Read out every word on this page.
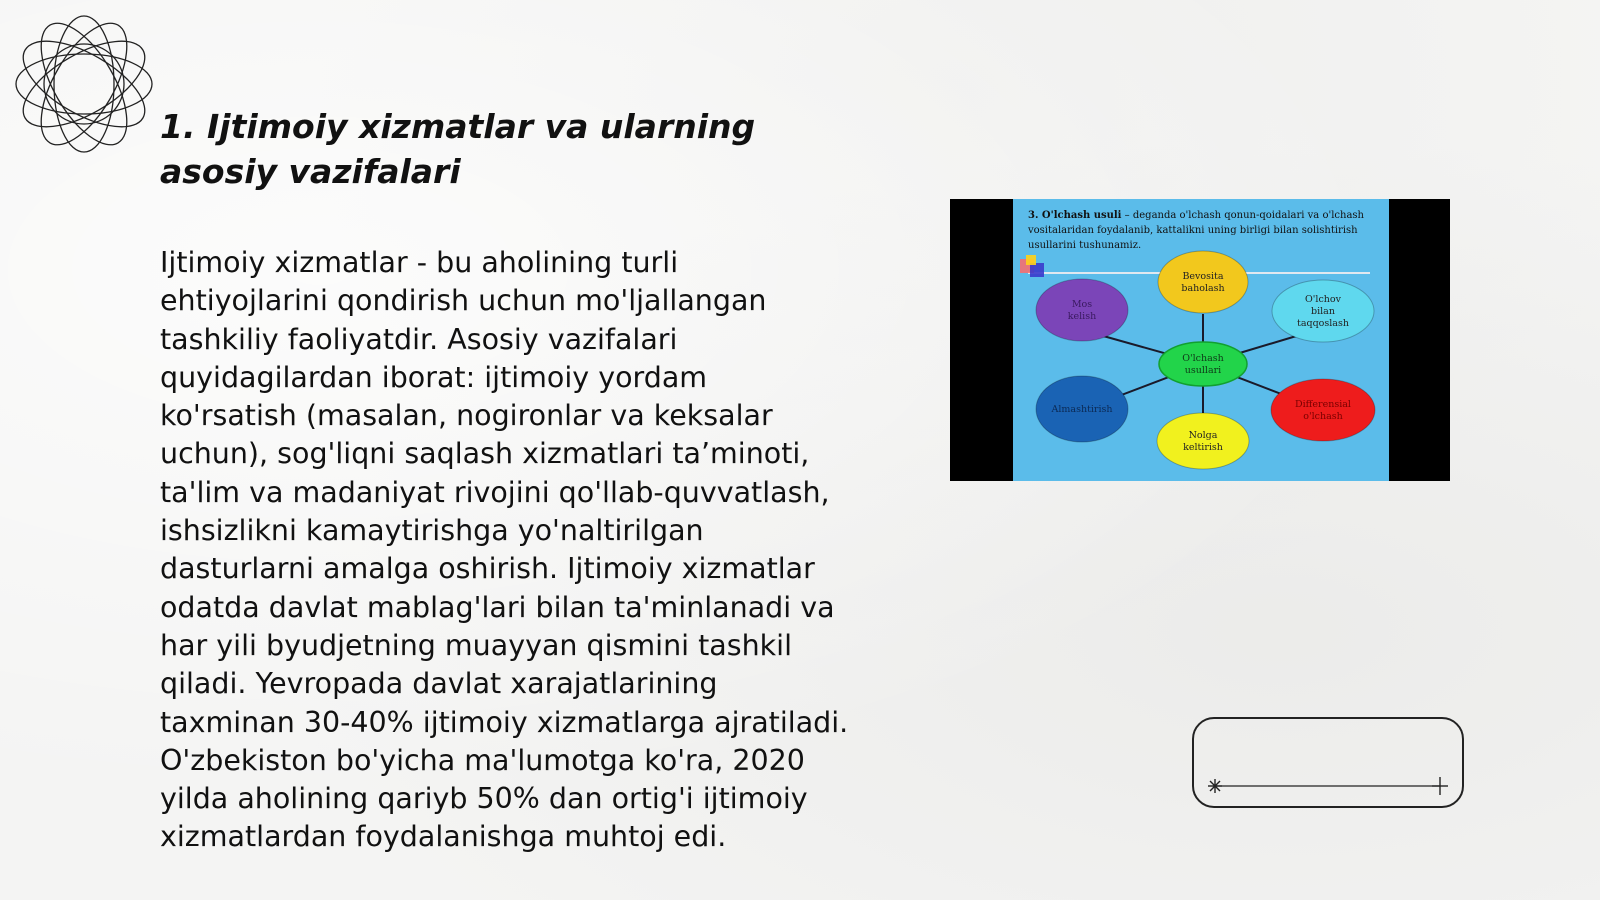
1. Ijtimoiy xizmatlar va ularning asosiy vazifalari

Ijtimoiy xizmatlar - bu aholining turli ehtiyojlarini qondirish uchun mo'ljallangan tashkiliy faoliyatdir. Asosiy vazifalari quyidagilardan iborat: ijtimoiy yordam ko'rsatish (masalan, nogironlar va keksalar uchun), sog'liqni saqlash xizmatlari ta’minoti, ta'lim va madaniyat rivojini qo'llab-quvvatlash, ishsizlikni kamaytirishga yo'naltirilgan dasturlarni amalga oshirish. Ijtimoiy xizmatlar odatda davlat mablag'lari bilan ta'minlanadi va har yili byudjetning muayyan qismini tashkil qiladi. Yevropada davlat xarajatlarining taxminan 30-40% ijtimoiy xizmatlarga ajratiladi. O'zbekiston bo'yicha ma'lumotga ko'ra, 2020 yilda aholining qariyb 50% dan ortig'i ijtimoiy xizmatlardan foydalanishga muhtoj edi.

3. O'lchash usuli – deganda o'lchash qonun-qoidalari va o'lchash
vositalaridan foydalanib, kattalikni uning birligi bilan solishtirish
usullarini tushunamiz.
Bevosita
baholash
O'lchov
bilan
taqqoslash
Differensial
o'lchash
Nolga
keltirish
Almashtirish
Mos
kelish
O'lchash
usullari
